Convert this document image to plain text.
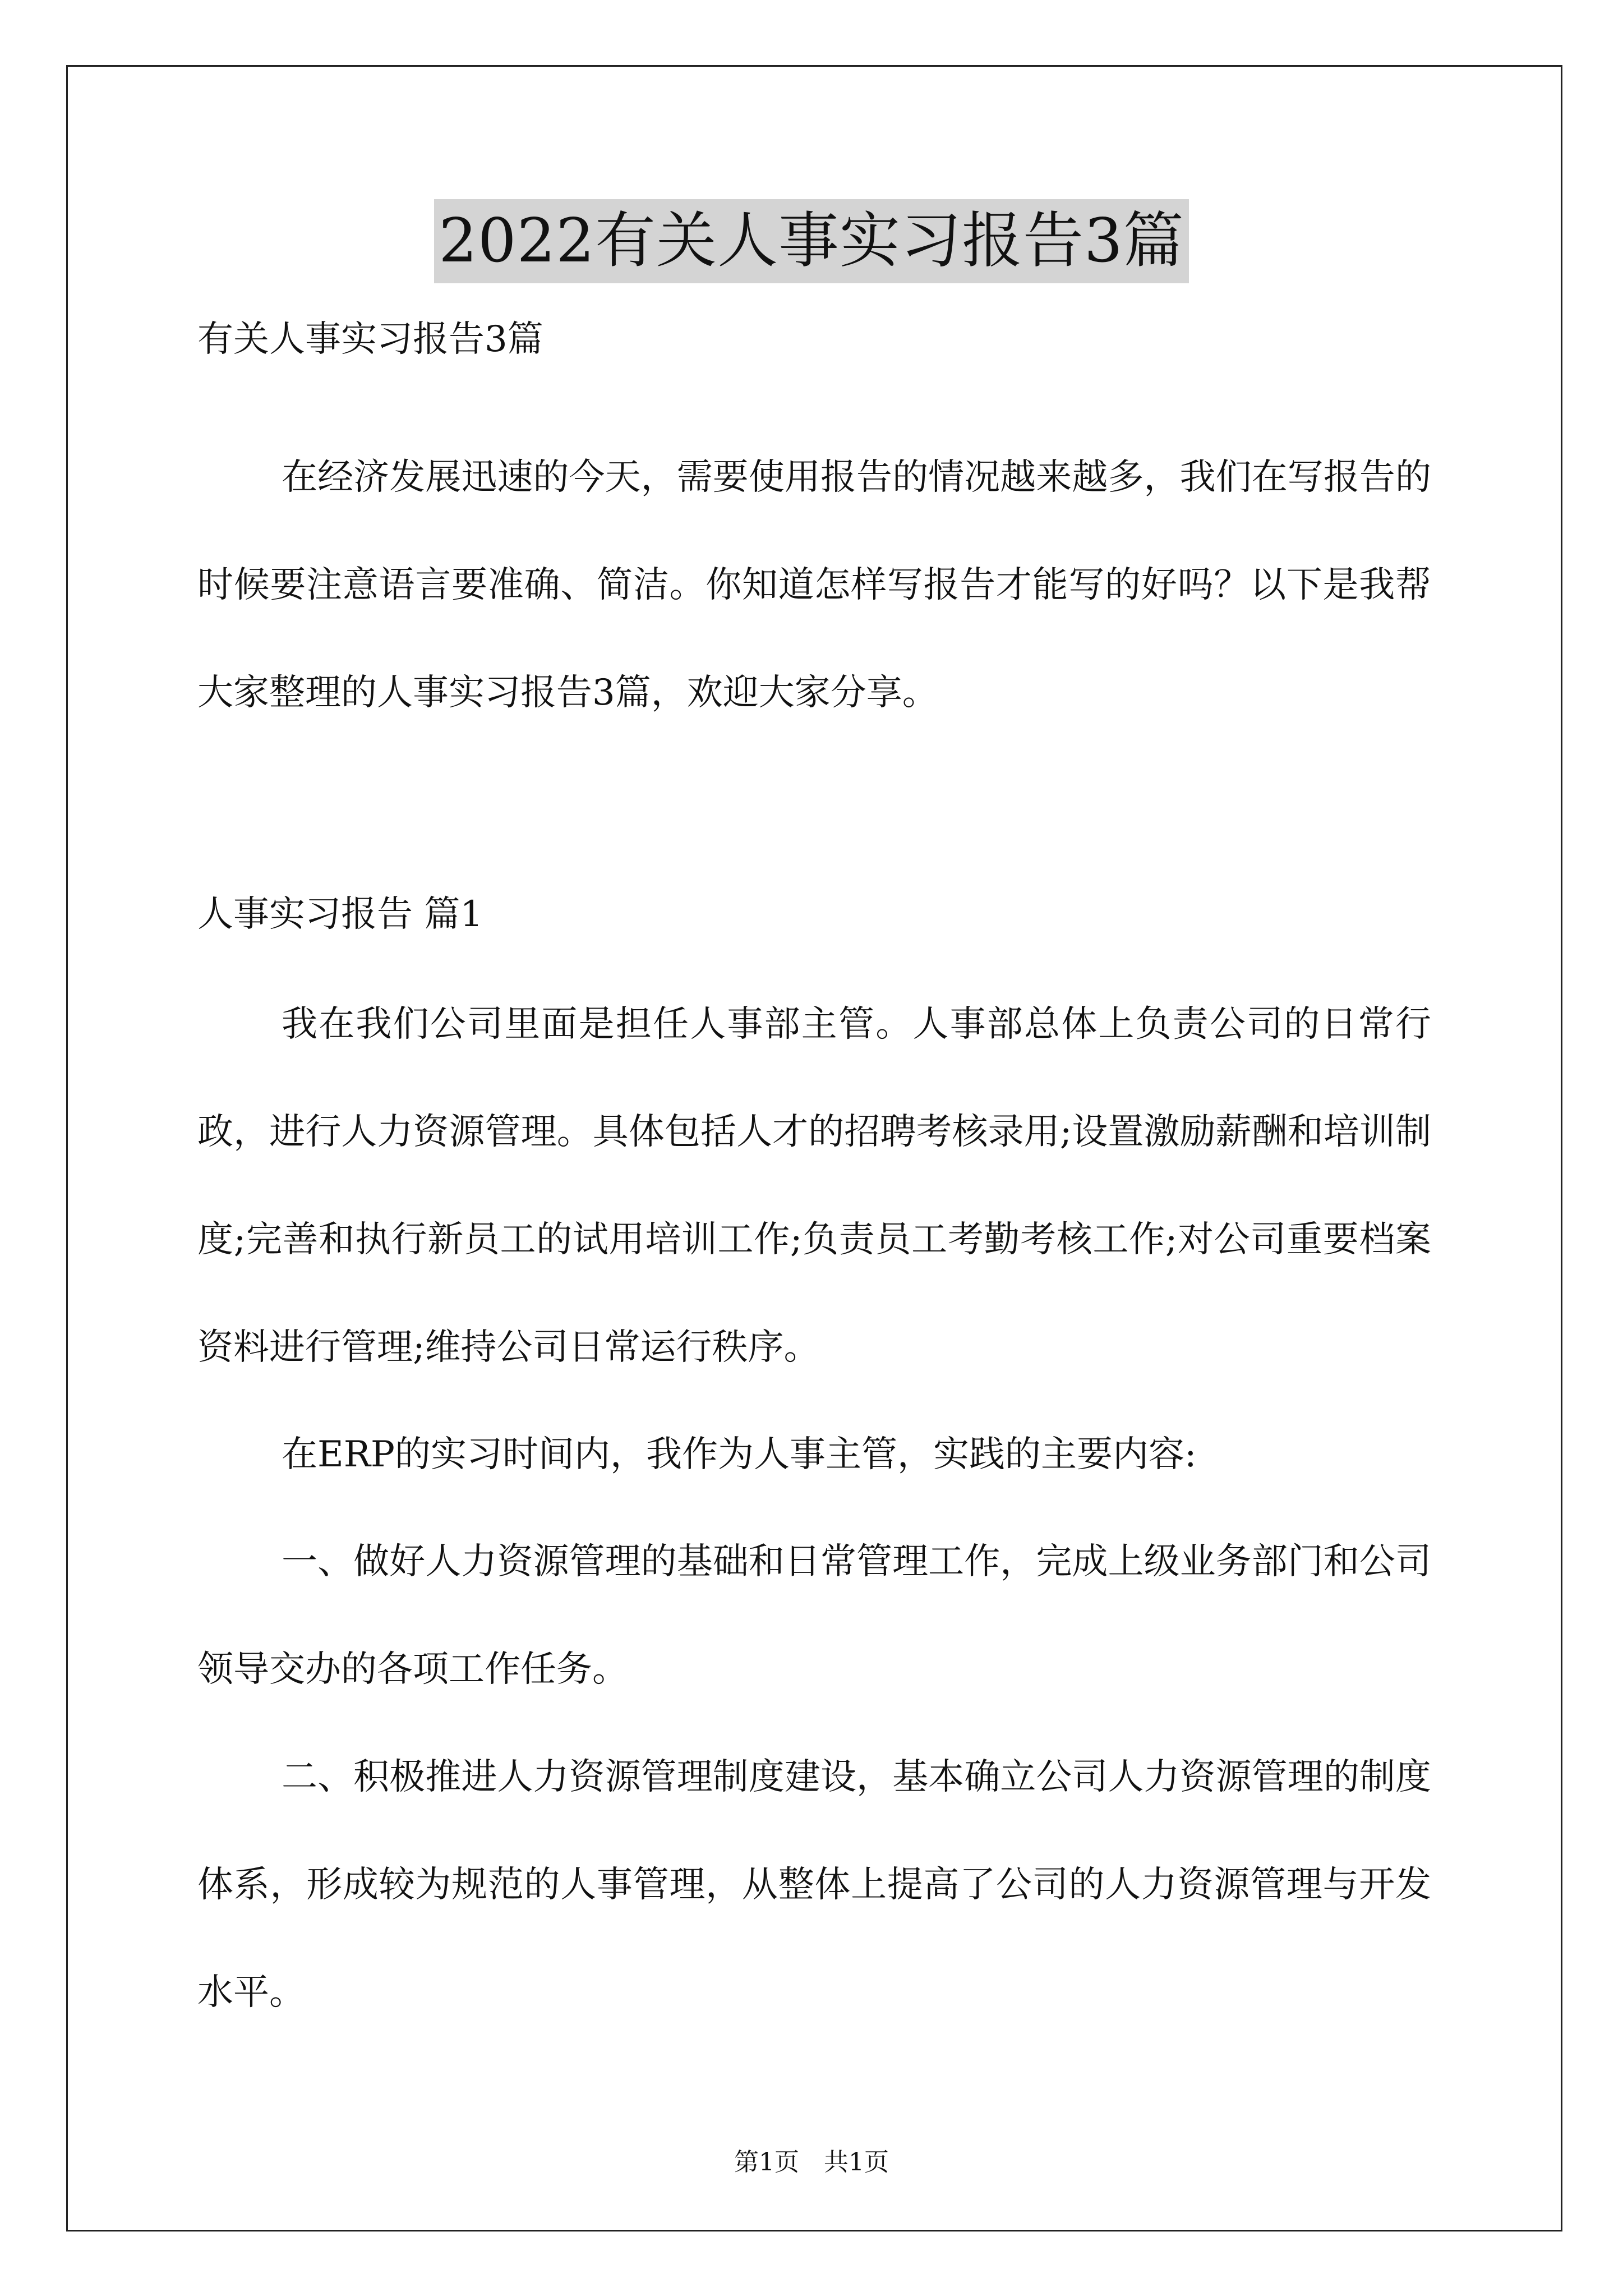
2022有关人事实习报告3篇
有关人事实习报告3篇

在经济发展迅速的今天，需要使用报告的情况越来越多，我们在写报告的时候要注意语言要准确、简洁。你知道怎样写报告才能写的好吗？以下是我帮大家整理的人事实习报告3篇，欢迎大家分享。

人事实习报告 篇1

我在我们公司里面是担任人事部主管。人事部总体上负责公司的日常行政，进行人力资源管理。具体包括人才的招聘考核录用;设置激励薪酬和培训制度;完善和执行新员工的试用培训工作;负责员工考勤考核工作;对公司重要档案资料进行管理;维持公司日常运行秩序。

在ERP的实习时间内，我作为人事主管，实践的主要内容:

一、做好人力资源管理的基础和日常管理工作，完成上级业务部门和公司领导交办的各项工作任务。

二、积极推进人力资源管理制度建设，基本确立公司人力资源管理的制度体系，形成较为规范的人事管理，从整体上提高了公司的人力资源管理与开发水平。

第1页　共1页
